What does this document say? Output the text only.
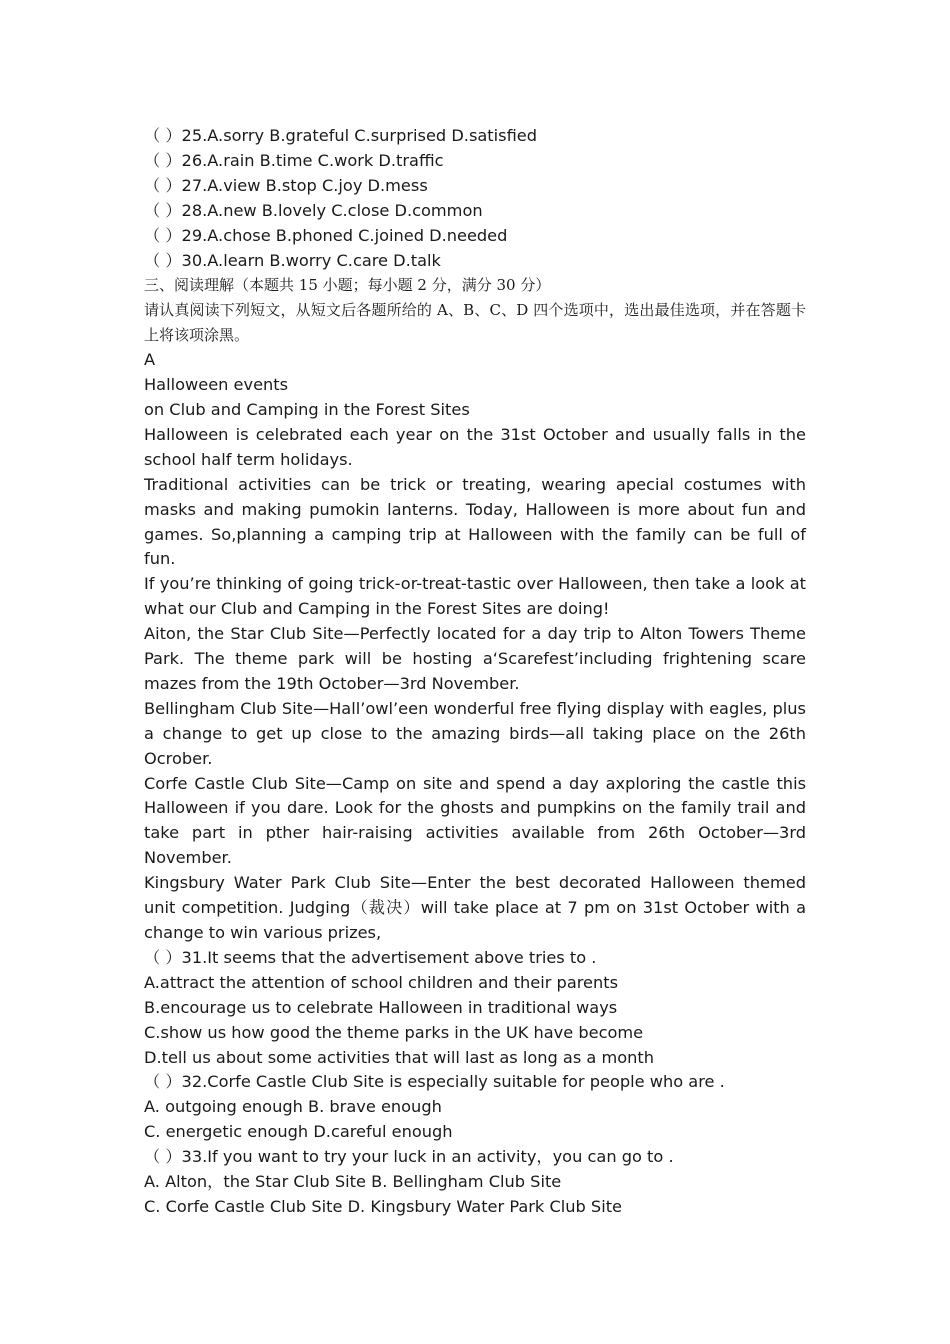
（ ）25.A.sorry B.grateful C.surprised D.satisfied
（ ）26.A.rain B.time C.work D.traffic
（ ）27.A.view B.stop C.joy D.mess
（ ）28.A.new B.lovely C.close D.common
（ ）29.A.chose B.phoned C.joined D.needed
（ ）30.A.learn B.worry C.care D.talk
三、阅读理解（本题共 15 小题；每小题 2 分，满分 30 分）
请认真阅读下列短文，从短文后各题所给的 A、B、C、D 四个选项中，选出最佳选项，并在答题卡上将该项涂黑。
A
Halloween events
on Club and Camping in the Forest Sites
Halloween is celebrated each year on the 31st October and usually falls in the school half term holidays.
Traditional activities can be trick or treating, wearing apecial costumes with masks and making pumokin lanterns. Today, Halloween is more about fun and games. So,planning a camping trip at Halloween with the family can be full of fun.
If you’re thinking of going trick-or-treat-tastic over Halloween, then take a look at what our Club and Camping in the Forest Sites are doing!
Aiton, the Star Club Site—Perfectly located for a day trip to Alton Towers Theme Park. The theme park will be hosting a‘Scarefest’including frightening scare mazes from the 19th October—3rd November.
Bellingham Club Site—Hall’owl’een wonderful free flying display with eagles, plus a change to get up close to the amazing birds—all taking place on the 26th Ocrober.
Corfe Castle Club Site—Camp on site and spend a day axploring the castle this Halloween if you dare. Look for the ghosts and pumpkins on the family trail and take part in pther hair-raising activities available from 26th October—3rd November.
Kingsbury Water Park Club Site—Enter the best decorated Halloween themed unit competition. Judging（裁决）will take place at 7 pm on 31st October with a change to win various prizes,
（ ）31.It seems that the advertisement above tries to .
A.attract the attention of school children and their parents
B.encourage us to celebrate Halloween in traditional ways
C.show us how good the theme parks in the UK have become
D.tell us about some activities that will last as long as a month
（ ）32.Corfe Castle Club Site is especially suitable for people who are .
A. outgoing enough B. brave enough
C. energetic enough D.careful enough
（ ）33.If you want to try your luck in an activity，you can go to .
A. Alton，the Star Club Site B. Bellingham Club Site
C. Corfe Castle Club Site D. Kingsbury Water Park Club Site
